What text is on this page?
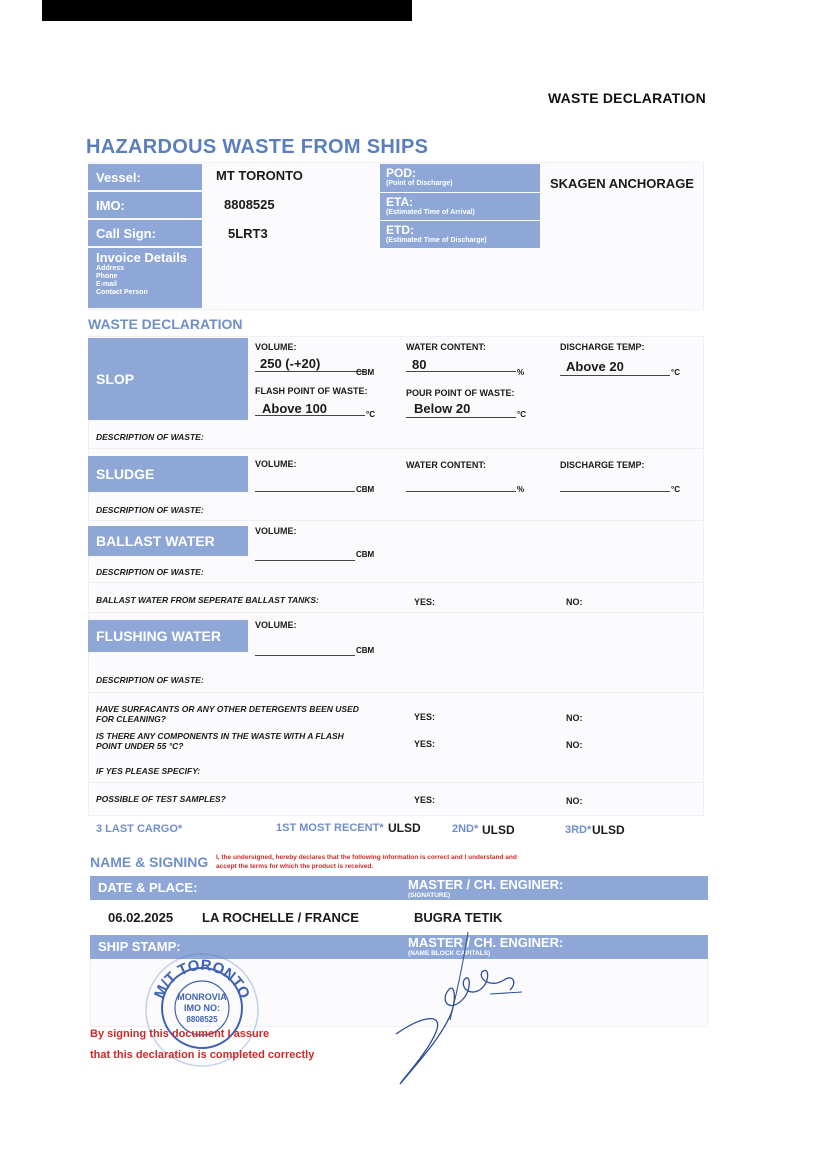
WASTE DECLARATION
HAZARDOUS WASTE FROM SHIPS
Vessel:	MT TORONTO
IMO:	8808525
Call Sign:	5LRT3
Invoice Details
Address
Phone
E-mail
Contact Person
POD:
(Point of Discharge)	SKAGEN ANCHORAGE
ETA:
(Estimated Time of Arrival)
ETD:
(Estimated Time of Discharge)
WASTE DECLARATION
SLOP
VOLUME:
250 (-+20)
CBM
WATER CONTENT:
80
%
DISCHARGE TEMP:
Above 20	°C
FLASH POINT OF WASTE:
Above 100	°C
POUR POINT OF WASTE:
Below 20	°C
DESCRIPTION OF WASTE:
SLUDGE
VOLUME:
CBM
WATER CONTENT:
%
DISCHARGE TEMP:
°C
DESCRIPTION OF WASTE:
BALLAST WATER
VOLUME:
CBM
DESCRIPTION OF WASTE:
BALLAST WATER FROM SEPERATE BALLAST TANKS:	YES:	NO:
FLUSHING WATER
VOLUME:
CBM
DESCRIPTION OF WASTE:
HAVE SURFACANTS OR ANY OTHER DETERGENTS BEEN USED
FOR CLEANING?	YES:	NO:
IS THERE ANY COMPONENTS IN THE WASTE WITH A FLASH
POINT UNDER 55 °C?	YES:	NO:
IF YES PLEASE SPECIFY:
POSSIBLE OF TEST SAMPLES?	YES:	NO:
3 LAST CARGO*	1ST MOST RECENT* ULSD	2ND* ULSD	3RD* ULSD
NAME & SIGNING I, the undersigned, hereby declares that the following information is correct and I understand and
accept the terms for which the product is received.
DATE & PLACE:	MASTER / CH. ENGINER:
(SIGNATURE)
06.02.2025 LA ROCHELLE / FRANCE	BUGRA TETIK
SHIP STAMP:	MASTER / CH. ENGINER:
(NAME BLOCK CAPITALS)
M/T TORONTO
MONROVIA
IMO NO:
8808525
By signing this document I assure
that this declaration is completed correctly
